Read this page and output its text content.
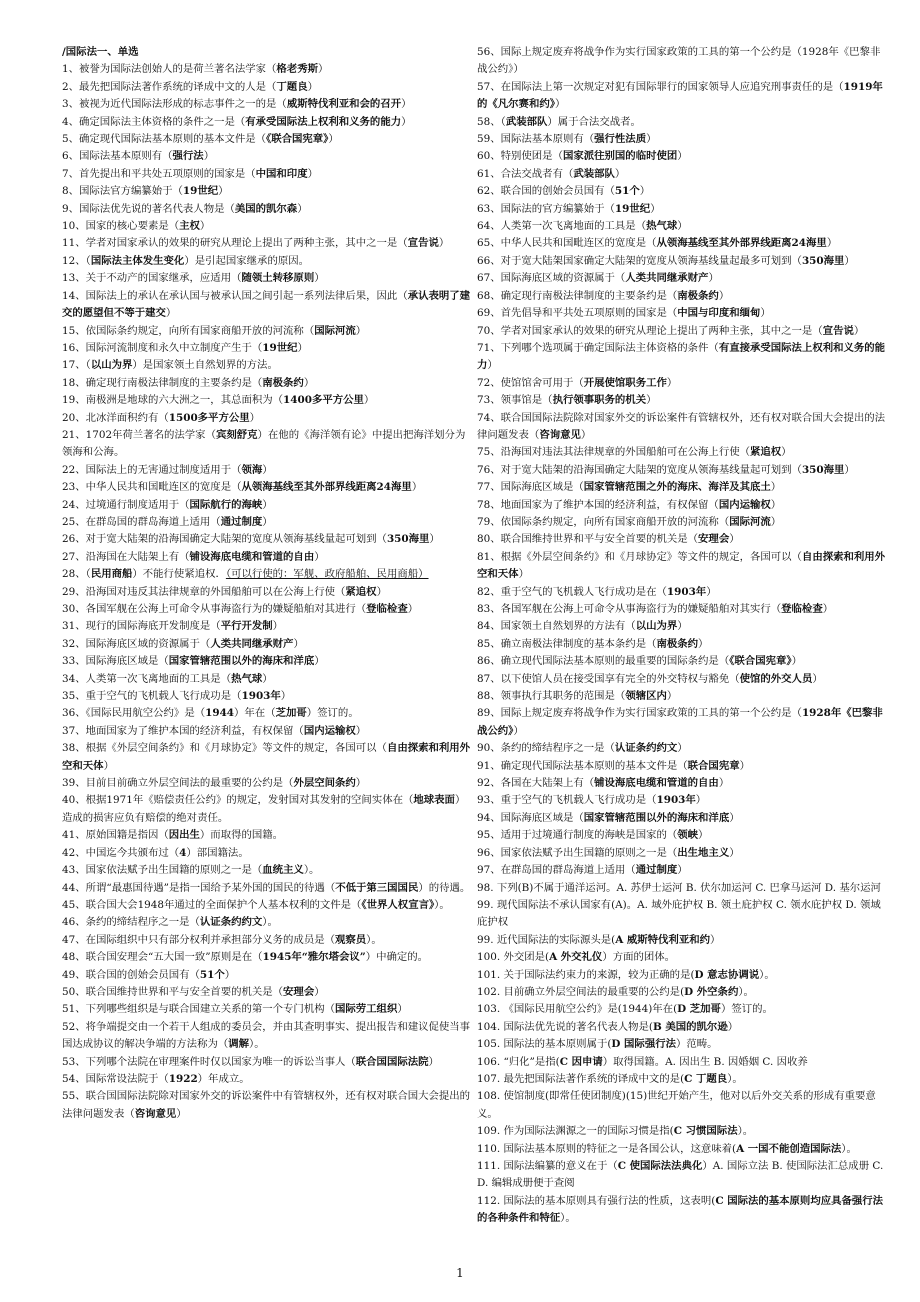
/国际法一、单选

1、被誉为国际法创始人的是荷兰著名法学家（格老秀斯）

2、最先把国际法著作系统的译成中文的人是（丁题良）

3、被视为近代国际法形成的标志事件之一的是（威斯特伐利亚和会的召开）

4、确定国际法主体资格的条件之一是（有承受国际法上权利和义务的能力）

5、确定现代国际法基本原则的基本文件是（《联合国宪章》）

6、国际法基本原则有（强行法）

7、首先提出和平共处五项原则的国家是（中国和印度）

8、国际法官方编纂始于（19世纪）

9、国际法优先说的著名代表人物是（美国的凯尔森）

10、国家的核心要素是（主权）

11、学者对国家承认的效果的研究从理论上提出了两种主张，其中之一是（宣告说）

12、（国际法主体发生变化）是引起国家继承的原因。

13、关于不动产的国家继承，应适用（随领土转移原则）

14、国际法上的承认在承认国与被承认国之间引起一系列法律后果，因此（承认表明了建交的愿望但不等于建交）

15、依国际条约规定，向所有国家商船开放的河流称（国际河流）

16、国际河流制度和永久中立制度产生于（19世纪）

17、（以山为界）是国家领土自然划界的方法。

18、确定现行南极法律制度的主要条约是（南极条约）

19、南极洲是地球的六大洲之一，其总面积为（1400多平方公里）

20、北冰洋面积约有（1500多平方公里）

21、1702年荷兰著名的法学家（宾刻舒克）在他的《海洋领有论》中提出把海洋划分为领海和公海。

22、国际法上的无害通过制度适用于（领海）

23、中华人民共和国毗连区的宽度是（从领海基线至其外部界线距离24海里）

24、过境通行制度适用于（国际航行的海峡）

25、在群岛国的群岛海道上适用（通过制度）

26、对于宽大陆架的沿海国确定大陆架的宽度从领海基线量起可划到（350海里）

27、沿海国在大陆架上有（铺设海底电缆和管道的自由）

28、（民用商船）不能行使紧追权．（可以行使的：军舰、政府船舶、民用商船）

29、沿海国对违反其法律规章的外国船舶可以在公海上行使（紧追权）

30、各国军舰在公海上可命令从事海盗行为的嫌疑船舶对其进行（登临检查）

31、现行的国际海底开发制度是（平行开发制）

32、国际海底区域的资源属于（人类共同继承财产）

33、国际海底区域是（国家管辖范围以外的海床和洋底）

34、人类第一次飞离地面的工具是（热气球）

35、重于空气的飞机载人飞行成功是（1903年）

36、《国际民用航空公约》是（1944）年在（芝加哥）签订的。

37、地面国家为了维护本国的经济利益，有权保留（国内运输权）

38、根据《外层空间条约》和《月球协定》等文件的规定，各国可以（自由探索和利用外空和天体）

39、目前目前确立外层空间法的最重要的公约是（外层空间条约）

40、根据1971年《赔偿责任公约》的规定，发射国对其发射的空间实体在（地球表面）造成的损害应负有赔偿的绝对责任。

41、原始国籍是指因（因出生）而取得的国籍。

42、中国迄今共颁布过（4）部国籍法。

43、国家依法赋予出生国籍的原则之一是（血统主义）。

44、所谓“最惠国待遇”是指一国给予某外国的国民的待遇（不低于第三国国民）的待遇。

45、联合国大会1948年通过的全面保护个人基本权利的文件是（《世界人权宣言》）。

46、条约的缔结程序之一是（认证条约约文）。

47、在国际组织中只有部分权利并承担部分义务的成员是（观察员）。

48、联合国安理会“五大国一致”原则是在（1945年“雅尔塔会议”）中确定的。

49、联合国的创始会员国有（51个）

50、联合国维持世界和平与安全首要的机关是（安理会）

51、下列哪些组织是与联合国建立关系的第一个专门机构（国际劳工组织）

52、将争端提交由一个若干人组成的委员会，并由其查明事实、提出报告和建议促使当事国达成协议的解决争端的方法称为（调解）。

53、下列哪个法院在审理案件时仅以国家为唯一的诉讼当事人（联合国国际法院）

54、国际常设法院于（1922）年成立。

55、联合国国际法院除对国家外交的诉讼案件中有管辖权外，还有权对联合国大会提出的法律问题发表（咨询意见）

56、国际上规定废弃将战争作为实行国家政策的工具的第一个公约是（1928年《巴黎非战公约》）

57、在国际法上第一次规定对犯有国际罪行的国家领导人应追究刑事责任的是（1919年的《凡尔赛和约》）

58、（武装部队）属于合法交战者。

59、国际法基本原则有（强行性法质）

60、特别使团是（国家派往别国的临时使团）

61、合法交战者有（武装部队）

62、联合国的创始会员国有（51个）

63、国际法的官方编纂始于（19世纪）

64、人类第一次飞离地面的工具是（热气球）

65、中华人民共和国毗连区的宽度是（从领海基线至其外部界线距离24海里）

66、对于宽大陆架国家确定大陆架的宽度从领海基线量起最多可划到（350海里）

67、国际海底区域的资源属于（人类共同继承财产）

68、确定现行南极法律制度的主要条约是（南极条约）

69、首先倡导和平共处五项原则的国家是（中国与印度和缅甸）

70、学者对国家承认的效果的研究从理论上提出了两种主张，其中之一是（宣告说）

71、下列哪个选项属于确定国际法主体资格的条件（有直接承受国际法上权利和义务的能力）

72、使馆馆舍可用于（开展使馆职务工作）

73、领事馆是（执行领事职务的机关）

74、联合国国际法院除对国家外交的诉讼案件有管辖权外，还有权对联合国大会提出的法律问题发表（咨询意见）

75、沿海国对违法其法律规章的外国船舶可在公海上行使（紧追权）

76、对于宽大陆架的沿海国确定大陆架的宽度从领海基线量起可划到（350海里）

77、国际海底区域是（国家管辖范围之外的海床、海洋及其底土）

78、地面国家为了维护本国的经济利益，有权保留（国内运输权）

79、依国际条约规定，向所有国家商船开放的河流称（国际河流）

80、联合国维持世界和平与安全首要的机关是（安理会）

81、根据《外层空间条约》和《月球协定》等文件的规定，各国可以（自由探索和利用外空和天体）

82、重于空气的飞机载人飞行成功是在（1903年）

83、各国军舰在公海上可命令从事海盗行为的嫌疑船舶对其实行（登临检查）

84、国家领土自然划界的方法有（以山为界）

85、确立南极法律制度的基本条约是（南极条约）

86、确立现代国际法基本原则的最重要的国际条约是（《联合国宪章》）

87、以下使馆人员在接受国享有完全的外交特权与豁免（使馆的外交人员）

88、领事执行其职务的范围是（领辖区内）

89、国际上规定废弃将战争作为实行国家政策的工具的第一个公约是（1928年《巴黎非战公约》）

90、条约的缔结程序之一是（认证条约约文）

91、确定现代国际法基本原则的基本文件是（联合国宪章）

92、各国在大陆架上有（铺设海底电缆和管道的自由）

93、重于空气的飞机载人飞行成功是（1903年）

94、国际海底区域是（国家管辖范围以外的海床和洋底）

95、适用于过境通行制度的海峡是国家的（领峡）

96、国家依法赋予出生国籍的原则之一是（出生地主义）

97、在群岛国的群岛海道上适用（通过制度）

98. 下列(B)不属于通洋运河。A. 苏伊士运河 B. 伏尔加运河 C. 巴拿马运河 D. 基尔运河

99. 现代国际法不承认国家有(A)。A. 域外庇护权 B. 领土庇护权 C. 领水庇护权 D. 领域庇护权

99. 近代国际法的实际源头是(A 威斯特伐利亚和约）

100. 外交团是(A 外交礼仪）方面的团体。

101. 关于国际法约束力的来源，较为正确的是(D 意志协调说）。

102. 目前确立外层空间法的最重要的公约是(D 外空条约）。

103. 《国际民用航空公约》是(1944)年在(D 芝加哥）签订的。

104. 国际法优先说的著名代表人物是(B 美国的凯尔逊）

105. 国际法的基本原则属于(D 国际强行法）范畴。

106. “归化”是指(C 因申请）取得国籍。A. 因出生 B. 因婚姻 C. 因收养

107. 最先把国际法著作系统的译成中文的是(C 丁题良）。

108. 使馆制度(即常任使团制度)(15)世纪开始产生，他对以后外交关系的形成有重要意义。

109. 作为国际法渊源之一的国际习惯是指(C 习惯国际法）。

110. 国际法基本原则的特征之一是各国公认，这意味着(A 一国不能创造国际法）。

111. 国际法编纂的意义在于（C 使国际法法典化）A. 国际立法 B. 使国际法汇总成册 C. D. 编辑成册便于查阅

112. 国际法的基本原则具有强行法的性质，这表明(C 国际法的基本原则均应具备强行法的各种条件和特征）。

1
